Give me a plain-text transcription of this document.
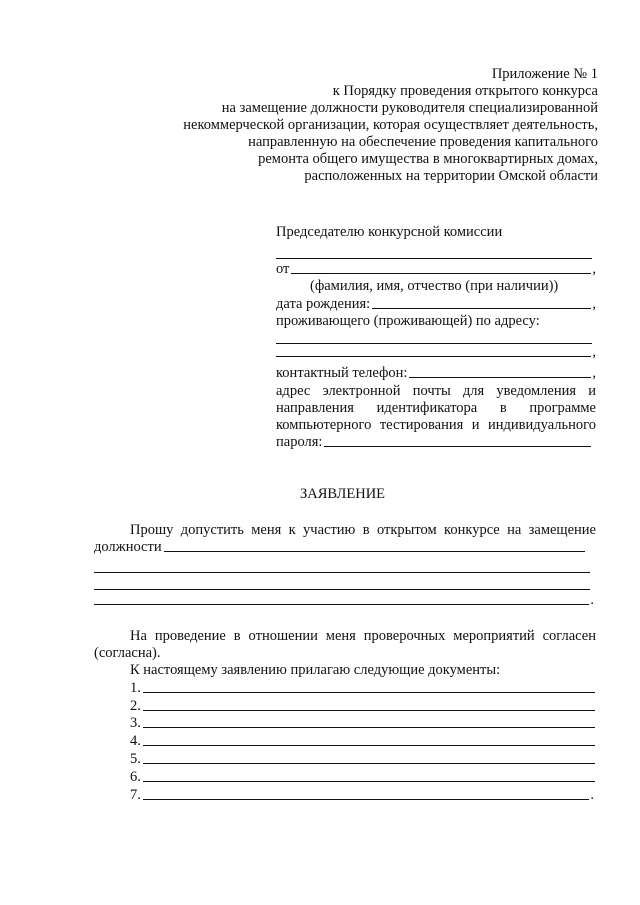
Приложение № 1
к Порядку проведения открытого конкурса
на замещение должности руководителя специализированной
некоммерческой организации, которая осуществляет деятельность,
направленную на обеспечение проведения капитального
ремонта общего имущества в многоквартирных домах,
расположенных на территории Омской области
Председателю конкурсной комиссии
от	,
(фамилия, имя, отчество (при наличии))
дата рождения:	,
проживающего (проживающей) по адресу:
,
контактный телефон:	,
адрес электронной почты для уведомления и
направления идентификатора в программе
компьютерного тестирования и индивидуального
пароля:
ЗАЯВЛЕНИЕ
Прошу допустить меня к участию в открытом конкурсе на замещение
должности
.
На проведение в отношении меня проверочных мероприятий согласен
(согласна).
К настоящему заявлению прилагаю следующие документы:
1.
2.
3.
4.
5.
6.
7.	.
